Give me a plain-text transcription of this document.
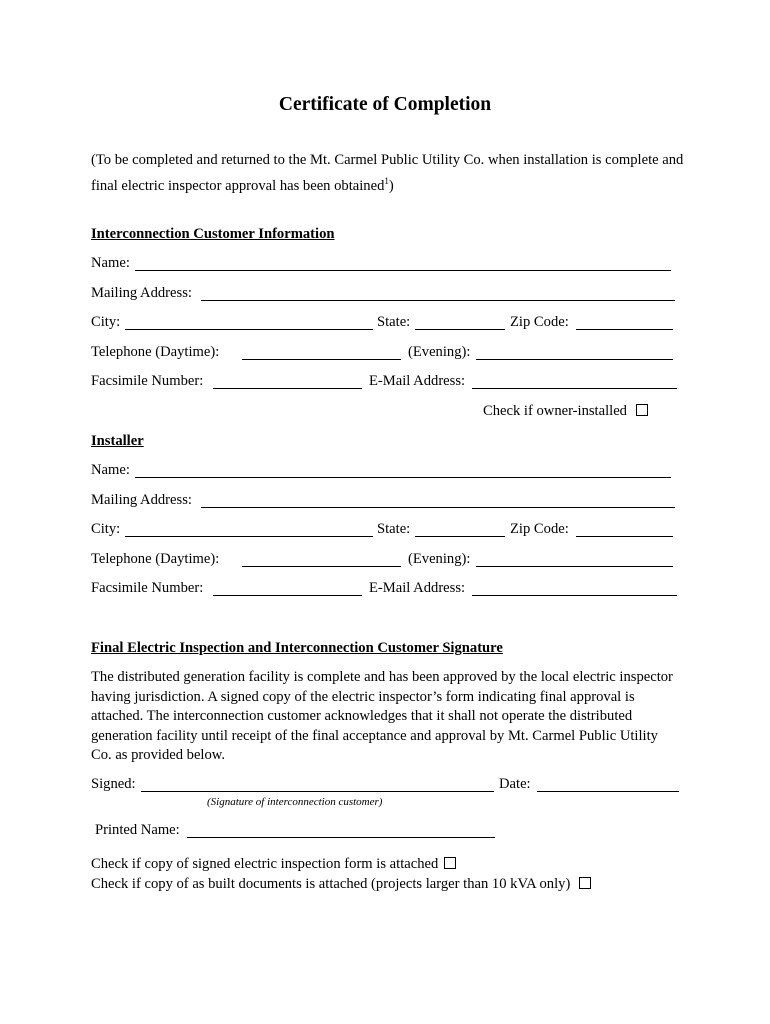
Certificate of Completion
(To be completed and returned to the Mt. Carmel Public Utility Co. when installation is complete and final electric inspector approval has been obtained$^1$)
Interconnection Customer Information
Name:
Mailing Address:
City:	State:	Zip Code:
Telephone (Daytime):	(Evening):
Facsimile Number:	E-Mail Address:
Check if owner-installed
Installer
Name:
Mailing Address:
City:	State:	Zip Code:
Telephone (Daytime):	(Evening):
Facsimile Number:	E-Mail Address:
Final Electric Inspection and Interconnection Customer Signature
The distributed generation facility is complete and has been approved by the local electric inspector having jurisdiction. A signed copy of the electric inspector’s form indicating final approval is attached. The interconnection customer acknowledges that it shall not operate the distributed generation facility until receipt of the final acceptance and approval by Mt. Carmel Public Utility Co. as provided below.
Signed:	Date:
(Signature of interconnection customer)
Printed Name:
Check if copy of signed electric inspection form is attached
Check if copy of as built documents is attached (projects larger than 10 kVA only)
